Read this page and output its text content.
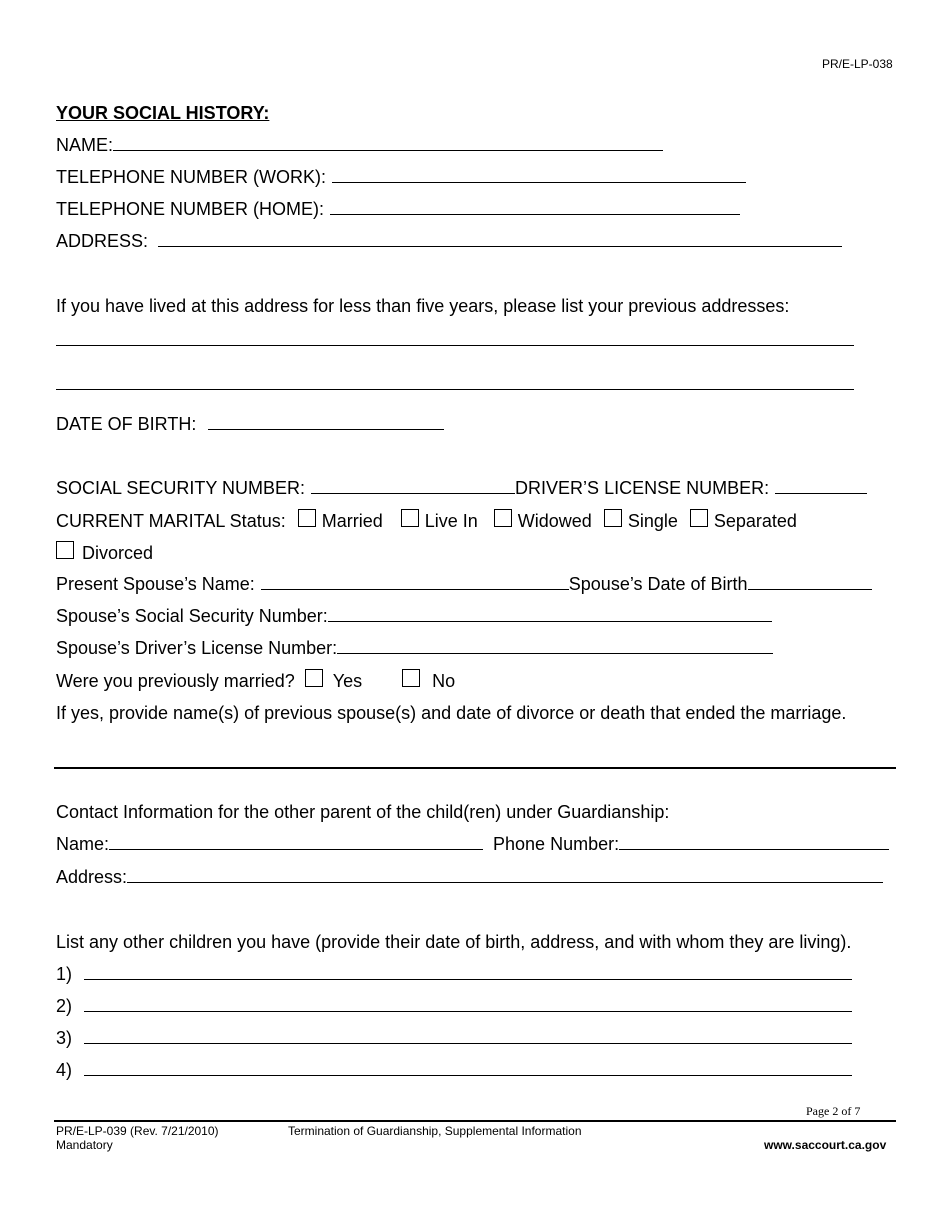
PR/E-LP-038
YOUR SOCIAL HISTORY:
NAME:
TELEPHONE NUMBER (WORK):
TELEPHONE NUMBER (HOME):
ADDRESS:
If you have lived at this address for less than five years, please list your previous addresses:
DATE OF BIRTH:
SOCIAL SECURITY NUMBER:	DRIVER’S LICENSE NUMBER:
CURRENT MARITAL Status: Married Live In Widowed Single Separated
Divorced
Present Spouse’s Name:	Spouse’s Date of Birth
Spouse’s Social Security Number:
Spouse’s Driver’s License Number:
Were you previously married? Yes	No
If yes, provide name(s) of previous spouse(s) and date of divorce or death that ended the marriage.
Contact Information for the other parent of the child(ren) under Guardianship:
Name:	Phone Number:
Address:
List any other children you have (provide their date of birth, address, and with whom they are living).
1)
2)
3)
4)
Page 2 of 7
PR/E-LP-039 (Rev. 7/21/2010)
Mandatory
Termination of Guardianship, Supplemental Information
www.saccourt.ca.gov
